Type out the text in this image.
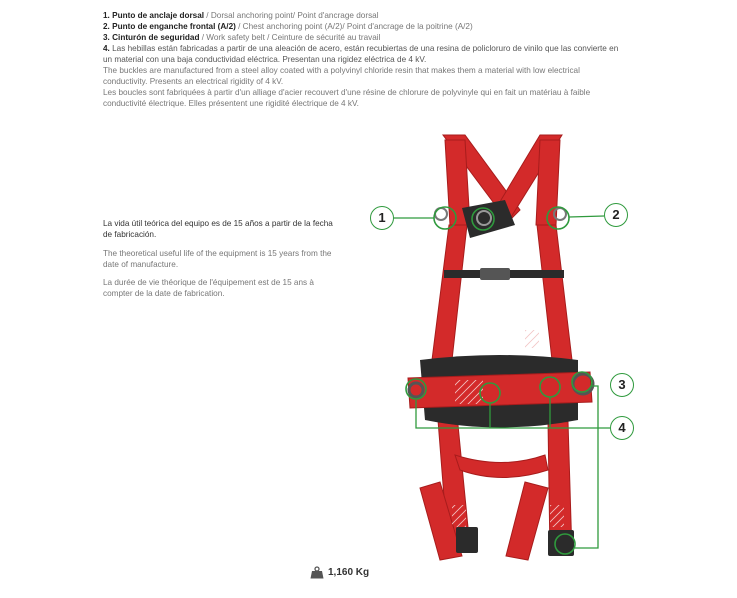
1. Punto de anclaje dorsal / Dorsal anchoring point/ Point d'ancrage dorsal

2. Punto de enganche frontal (A/2) / Chest anchoring point (A/2)/ Point d'ancrage de la poitrine (A/2)

3. Cinturón de seguridad / Work safety belt / Ceinture de sécurité au travail

4. Las hebillas están fabricadas a partir de una aleación de acero, están recubiertas de una resina de policloruro de vinilo que las convierte en un material con una baja conductividad eléctrica. Presentan una rigidez eléctrica de 4 kV.

The buckles are manufactured from a steel alloy coated with a polyvinyl chloride resin that makes them a material with low electrical conductivity. Presents an electrical rigidity of 4 kV.

Les boucles sont fabriquées à partir d'un alliage d'acier recouvert d'une résine de chlorure de polyvinyle qui en fait un matériau à faible conductivité électrique. Elles présentent une rigidité électrique de 4 kV.

La vida útil teórica del equipo es de 15 años a partir de la fecha de fabricación.
The theoretical useful life of the equipment is 15 years from the date of manufacture.
La durée de vie théorique de l'équipement est de 15 ans à compter de la date de fabrication.
1	2
3
4
1,160 Kg
